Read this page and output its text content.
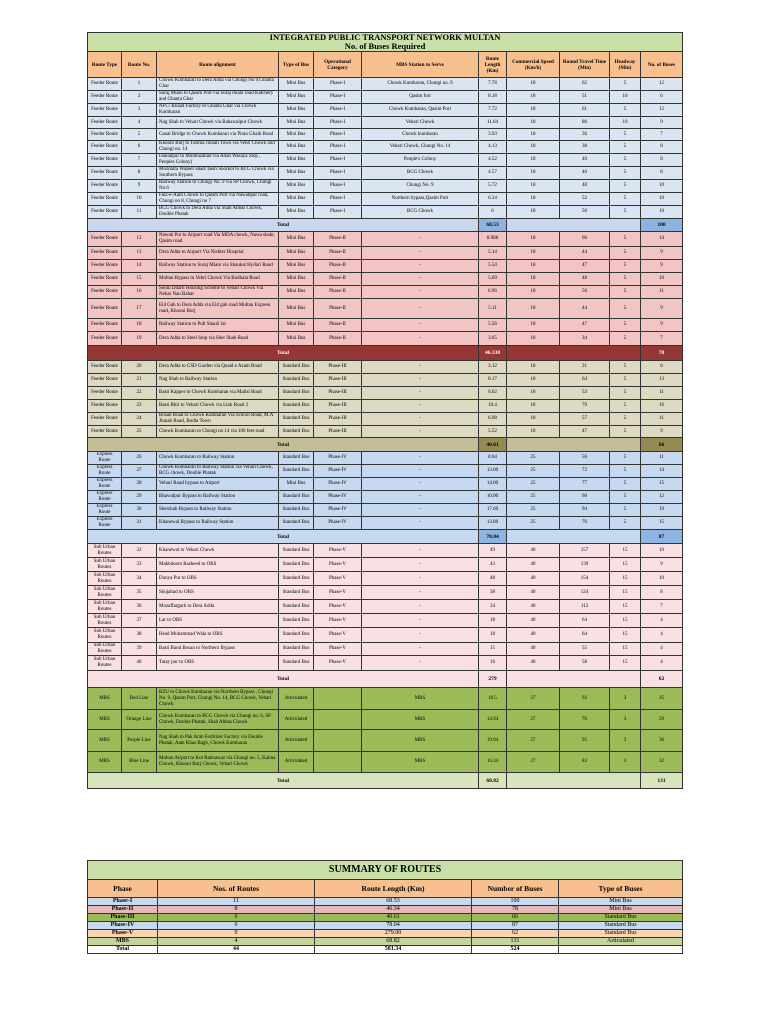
INTEGRATED PUBLIC TRANSPORT NETWORK MULTAN										
No. of Buses Required										
Route Type	Route No.	Route alignment	Type of Bus	Operational Category	MBS Station to Serve	Route Length (Km)	Commercial Speed (Km/h)	Round Travel Time (Min)	Headway (Min)	No. of Buses
Feeder Route	1	Chowk Kumharan to Dera Adda via Chungi No 9,Ghanta Ghar	Mini Bus	Phase-I	Chowk Kumharan, Chungi no. 9	7.78	18	62	5	12
Feeder Route	2	Suraj Miani to Qasim Port via Suraj miani road Katchery and Ghanta Ghar	Mini Bus	Phase-I	Qasim fort	8.18	18	51	10	6
Feeder Route	3	NFC/ Khaad Factory to Ghanta Ghar via Chowk Kumharan	Mini Bus	Phase-I	Chowk Kumharan, Qasim Port	7.72	18	61	5	12
Feeder Route	4	Nag Shah to Vehari Chowk via Bahawalpur Chowk	Mini Bus	Phase-I	Vehari Chowk	11.64	18	88	10	9
Feeder Route	5	Canal Bridge to Chowk Kumharan via Piran Ghaib Road	Mini Bus	Phase-I	Chowk kumharan	3.93	18	36	5	7
Feeder Route	6	Khooni Burj to Fatima Jinnah Town via Vehri Chowk and Chungi no. 14	Mini Bus	Phase-I	Vehari Chowk, Chungi No. 14	4.13	18	38	5	8
Feeder Route	7	Daulatpur to Mumtazabad via Allah Wasaya Stop , Peoples Colony)	Mini Bus	Phase-I	People's Colony	4.52	18	40	5	8
Feeder Route	8	Mozdalfa Wazeer abad/ basti Shorkot to BCG Chowk via Southern Bypass	Mini Bus	Phase-I	BCG Chowk	4.57	18	40	5	8
Feeder Route	9	Railway Station to Chungi No. 9 via SP Chowk, Chungi No.6	Mini Bus	Phase-I	Chungi No. 9	5.72	18	48	5	10
Feeder Route	10	Faiz-e-Aam Chowk to Qasim Port via Nawabpur road, Chungi no 8, Chungi no 7	Mini Bus	Phase-I	Northern bypass,Qasim Port	6.34	18	52	5	10
Feeder Route	11	BCG Chowk to Dera Adda via Shah Abbas Chowk, Double Phatak	Mini Bus	Phase-I	BCG Chowk	6	18	50	5	10
Total						68.53				100
Feeder Route	12	Nawab Pur to Airport road Via MDA chowk, Nawa shahr, Qasim road	Mini Bus	Phase-II	-	8.988	18	66	5	14
Feeder Route	13	Dera Adda to Airport Via Nishter Hospital	Mini Bus	Phase-II	-	5.14	18	44	5	9
Feeder Route	14	Railway Station to Suraj Miani via Shaukat Hydari Road	Mini Bus	Phase-II	-	5.54	18	47	5	9
Feeder Route	15	Multan Bypass to Vehri Chowk Via Budhala Road	Mini Bus	Phase-II	-	5.69	18	48	5	10
Feeder Route	16	Sohni Dharti Housing Scheme to Vehari Chowk Via Nehar Nau Bahar	Mini Bus	Phase-II	-	6.96	18	56	5	11
Feeder Route	17	Eid Gah to Dera Adda via Eid gah road Multan Express road, Khooni Burj	Mini Bus	Phase-II	-	5.11	18	44	5	9
Feeder Route	18	Railway Station to Pull Shauli lal	Mini Bus	Phase-II	-	5.56	18	47	5	9
Feeder Route	19	Dera Adda to Steel Stop via Sher Shah Road	Mini Bus	Phase-II	-	3.65	18	34	5	7
Total						46.338				78
Feeder Route	20	Dera Adda to CSD Garden via Quaid e Azam Road	Standard Bus	Phase-III	-	3.12	18	31	5	6
Feeder Route	21	Nag Shah to Railway Station	Standard Bus	Phase-III	-	8.17	18	64	5	13
Feeder Route	22	Basti Kapper to Chowk Kumharan via Mailsi Road	Standard Bus	Phase-III	-	6.62	18	53	5	11
Feeder Route	23	Basti Bhir to Vehari Chowk via Link Road 2	Standard Bus	Phase-III	-	10.4	18	79	5	16
Feeder Route	24	Bosan Road to Chowk Kumharan Via School Road, M.A Jinnah Road, Bodla Town	Standard Bus	Phase-III	-	6.98	18	57	5	11
Feeder Route	25	Chowk Kumharan to Chungi no 14 via 100 feet road	Standard Bus	Phase-III	-	5.52	18	47	5	9
Total						40.61				66
Express Route	26	Chowk Kumharan to Railway Station	Standard Bus	Phase-IV	-	8.64	25	56	5	11
Express Route	27	Chowk Kumharan to Railway Station via Vehari Chowk, BCG chowk, Double Phatak	Standard Bus	Phase-IV	-	13.00	25	72	5	14
Express Route	28	Vehari Road bypass to Airport	Mini Bus	Phase-IV	-	14.00	25	77	5	15
Express Route	29	Bhawalpur Bypass to Railway Station	Standard Bus	Phase-IV	-	10.00	25	60	5	12
Express Route	30	Shershah Bypass to Railway Station	Standard Bus	Phase-IV	-	17.60	25	94	5	19
Express Route	31	Khanewal Bypass to Railway Station	Standard Bus	Phase-IV	-	13.80	25	76	5	15
Total						78.04				87
Sub Urban Routes	32	Khanewal to Vehari Chowk	Standard Bus	Phase-V	-	49	40	157	15	10
Sub Urban Routes	33	Makhdoom Rasheed to OBS	Standard Bus	Phase-V	-	43	40	139	15	9
Sub Urban Routes	34	Dunya Pur to OBS	Standard Bus	Phase-V	-	48	40	154	15	10
Sub Urban Routes	35	Shujabad to OBS	Standard Bus	Phase-V	-	38	40	124	15	8
Sub Urban Routes	36	Muzaffargarh to Dera Adda	Standard Bus	Phase-V	-	34	40	112	15	7
Sub Urban Routes	37	Lar to OBS	Standard Bus	Phase-V	-	18	40	64	15	4
Sub Urban Routes	38	Head Muhammad Wala to OBS	Standard Bus	Phase-V	-	18	40	64	15	4
Sub Urban Routes	39	Basti Band Bosan to Northern Bypass	Standard Bus	Phase-V	-	15	40	55	15	4
Sub Urban Routes	40	Tatay pur to OBS	Standard Bus	Phase-V	-	16	40	58	15	4
Total						279				62
MBS	Red Line	BZU to Chowk Kumharan via Northern Bypass , Chungi No. 9, Qasim Port, Chungi No. 14, BCG Chowk, Vehari Chowk	Articulated		MBS	16.5	27	92	3	35
MBS	Orange Line	Chowk Kumharan to BCG Chowk via Chungi no. 6, SP Chowk, Double Phatak, Shah Abbas Chowk	Articulated		MBS	14.94	27	76	3	29
MBS	Purple Line	Nag Shah to Pak Arab Fertilizer Factory via Double Phatak, Aam Khas Bagh, Chowk Kumharan	Articulated		MBS	19.04	27	95	3	36
MBS	Blue Line	Multan Airport to Kot Rabnawaz via Chungi no. 5, Kalma Chowk, Khooni Burj Chowk, Vehari Chowk	Articulated		MBS	16.34	27	83	3	32
Total						68.82				131
SUMMARY OF ROUTES				
Phase	Nos. of Routes	Route Length (Km)	Number of Buses	Type of Buses
Phase-I	11	68.53	100	Mini Bus
Phase-II	8	46.34	78	Mini Bus
Phase-III	6	40.61	66	Standard Bus
Phase-IV	6	78.04	87	Standard Bus
Phase-V	9	279.00	62	Standard Bus
MBS	4	68.82	131	Articulated
Total	44	581.34	524	
